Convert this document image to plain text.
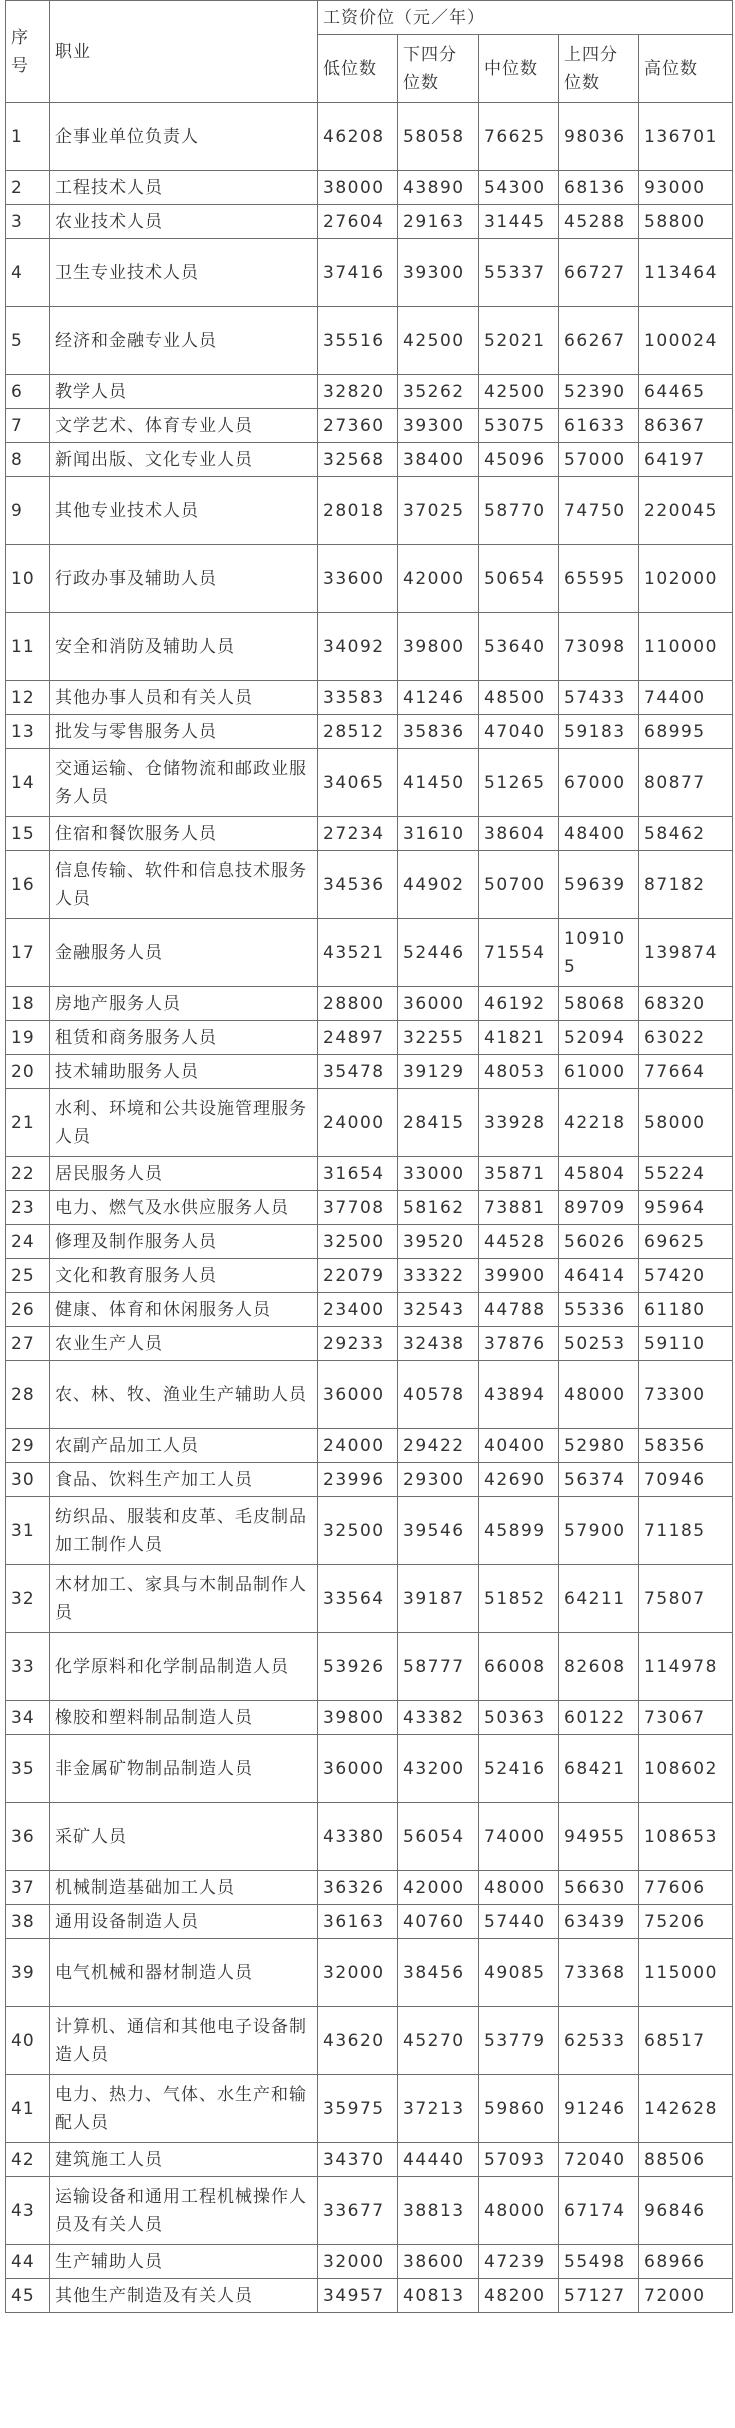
序号	职业	工资价位（元／年）				
		低位数	下四分位数	中位数	上四分位数	高位数
1	企事业单位负责人	46208	58058	76625	98036	136701
2	工程技术人员	38000	43890	54300	68136	93000
3	农业技术人员	27604	29163	31445	45288	58800
4	卫生专业技术人员	37416	39300	55337	66727	113464
5	经济和金融专业人员	35516	42500	52021	66267	100024
6	教学人员	32820	35262	42500	52390	64465
7	文学艺术、体育专业人员	27360	39300	53075	61633	86367
8	新闻出版、文化专业人员	32568	38400	45096	57000	64197
9	其他专业技术人员	28018	37025	58770	74750	220045
10	行政办事及辅助人员	33600	42000	50654	65595	102000
11	安全和消防及辅助人员	34092	39800	53640	73098	110000
12	其他办事人员和有关人员	33583	41246	48500	57433	74400
13	批发与零售服务人员	28512	35836	47040	59183	68995
14	交通运输、仓储物流和邮政业服务人员	34065	41450	51265	67000	80877
15	住宿和餐饮服务人员	27234	31610	38604	48400	58462
16	信息传输、软件和信息技术服务人员	34536	44902	50700	59639	87182
17	金融服务人员	43521	52446	71554	109105	139874
18	房地产服务人员	28800	36000	46192	58068	68320
19	租赁和商务服务人员	24897	32255	41821	52094	63022
20	技术辅助服务人员	35478	39129	48053	61000	77664
21	水利、环境和公共设施管理服务人员	24000	28415	33928	42218	58000
22	居民服务人员	31654	33000	35871	45804	55224
23	电力、燃气及水供应服务人员	37708	58162	73881	89709	95964
24	修理及制作服务人员	32500	39520	44528	56026	69625
25	文化和教育服务人员	22079	33322	39900	46414	57420
26	健康、体育和休闲服务人员	23400	32543	44788	55336	61180
27	农业生产人员	29233	32438	37876	50253	59110
28	农、林、牧、渔业生产辅助人员	36000	40578	43894	48000	73300
29	农副产品加工人员	24000	29422	40400	52980	58356
30	食品、饮料生产加工人员	23996	29300	42690	56374	70946
31	纺织品、服装和皮革、毛皮制品加工制作人员	32500	39546	45899	57900	71185
32	木材加工、家具与木制品制作人员	33564	39187	51852	64211	75807
33	化学原料和化学制品制造人员	53926	58777	66008	82608	114978
34	橡胶和塑料制品制造人员	39800	43382	50363	60122	73067
35	非金属矿物制品制造人员	36000	43200	52416	68421	108602
36	采矿人员	43380	56054	74000	94955	108653
37	机械制造基础加工人员	36326	42000	48000	56630	77606
38	通用设备制造人员	36163	40760	57440	63439	75206
39	电气机械和器材制造人员	32000	38456	49085	73368	115000
40	计算机、通信和其他电子设备制造人员	43620	45270	53779	62533	68517
41	电力、热力、气体、水生产和输配人员	35975	37213	59860	91246	142628
42	建筑施工人员	34370	44440	57093	72040	88506
43	运输设备和通用工程机械操作人员及有关人员	33677	38813	48000	67174	96846
44	生产辅助人员	32000	38600	47239	55498	68966
45	其他生产制造及有关人员	34957	40813	48200	57127	72000
